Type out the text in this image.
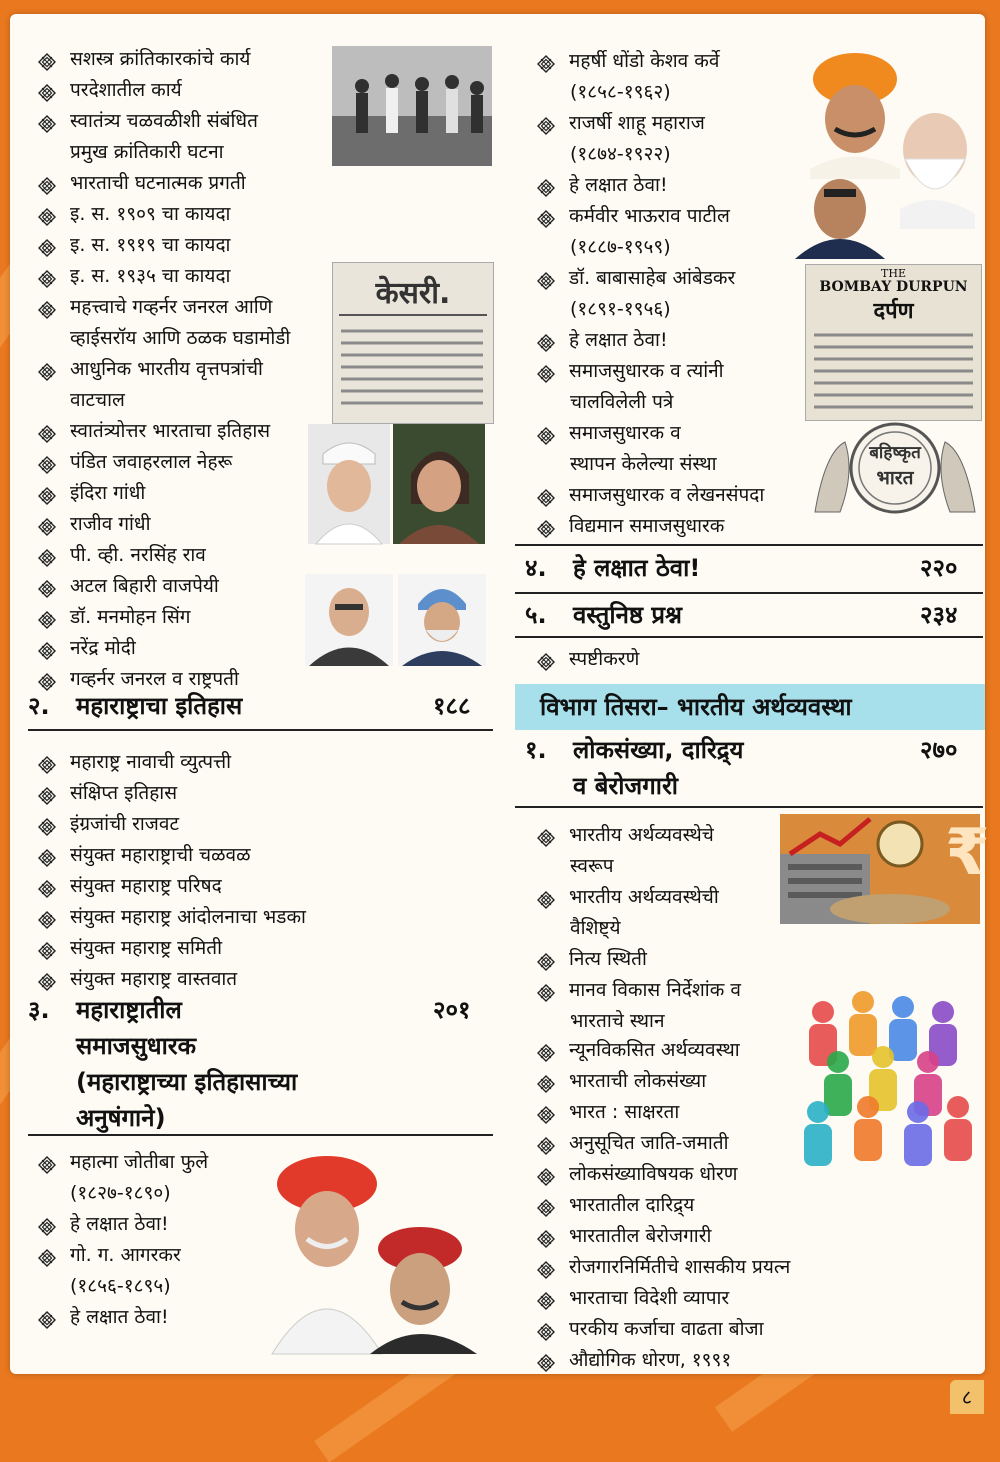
सशस्त्र क्रांतिकारकांचे कार्य
परदेशातील कार्य
स्वातंत्र्य चळवळीशी संबंधित
भारताची घटनात्मक प्रगती
इ. स. १९०९ चा कायदा
इ. स. १९१९ चा कायदा
इ. स. १९३५ चा कायदा
महत्त्वाचे गव्हर्नर जनरल आणि
आधुनिक भारतीय वृत्तपत्रांची
स्वातंत्र्योत्तर भारताचा इतिहास
पंडित जवाहरलाल नेहरू
इंदिरा गांधी
राजीव गांधी
पी. व्ही. नरसिंह राव
अटल बिहारी वाजपेयी
डॉ. मनमोहन सिंग
नरेंद्र मोदी
गव्हर्नर जनरल व राष्ट्रपती
प्रमुख क्रांतिकारी घटना
व्हाईसरॉय आणि ठळक घडामोडी
वाटचाल
२. महाराष्ट्राचा इतिहास	१८८
महाराष्ट्र नावाची व्युत्पत्ती
संक्षिप्त इतिहास
इंग्रजांची राजवट
संयुक्त महाराष्ट्राची चळवळ
संयुक्त महाराष्ट्र परिषद
संयुक्त महाराष्ट्र आंदोलनाचा भडका
संयुक्त महाराष्ट्र समिती
संयुक्त महाराष्ट्र वास्तवात
३. महाराष्ट्रातील
समाजसुधारक
(महाराष्ट्राच्या इतिहासाच्या
अनुषंगाने)
२०१
महात्मा जोतीबा फुले
(१८२७-१८९०)
हे लक्षात ठेवा!
गो. ग. आगरकर
(१८५६-१८९५)
हे लक्षात ठेवा!
केसरी.
महर्षी धोंडो केशव कर्वे
(१८५८-१९६२)
राजर्षी शाहू महाराज
(१८७४-१९२२)
हे लक्षात ठेवा!
कर्मवीर भाऊराव पाटील
(१८८७-१९५९)
डॉ. बाबासाहेब आंबेडकर
(१८९१-१९५६)
हे लक्षात ठेवा!
समाजसुधारक व त्यांनी
चालविलेली पत्रे
समाजसुधारक व
स्थापन केलेल्या संस्था
समाजसुधारक व लेखनसंपदा
विद्यमान समाजसुधारक
४. हे लक्षात ठेवा!	२२०
५. वस्तुनिष्ठ प्रश्न	२३४
स्पष्टीकरणे
१. लोकसंख्या, दारिद्र्य
व बेरोजगारी
२७०
भारतीय अर्थव्यवस्थेचे
स्वरूप
भारतीय अर्थव्यवस्थेची
वैशिष्ट्ये
नित्य स्थिती
मानव विकास निर्देशांक व
भारताचे स्थान
न्यूनविकसित अर्थव्यवस्था
भारताची लोकसंख्या
भारत : साक्षरता
अनुसूचित जाति-जमाती
लोकसंख्याविषयक धोरण
भारतातील दारिद्र्य
भारतातील बेरोजगारी
रोजगारनिर्मितीचे शासकीय प्रयत्न
भारताचा विदेशी व्यापार
परकीय कर्जाचा वाढता बोजा
औद्योगिक धोरण, १९९१
THE
BOMBAY DURPUN
दर्पण
बहिष्कृत
भारत
₹
विभाग तिसरा– भारतीय अर्थव्यवस्था
८
